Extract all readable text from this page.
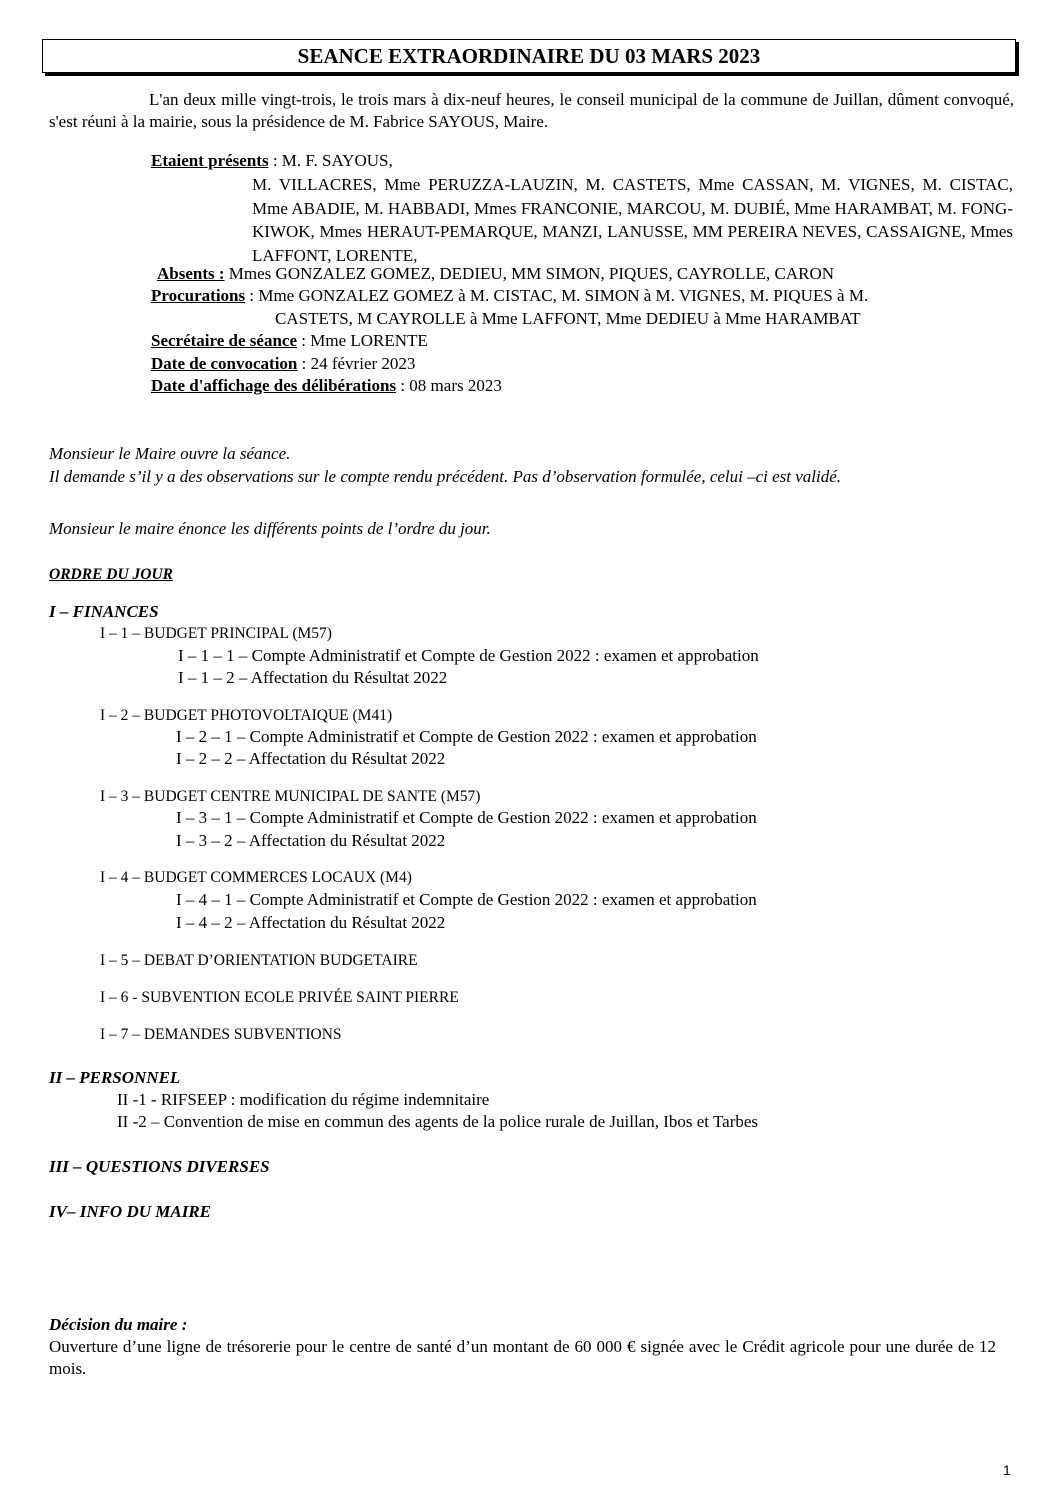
SEANCE EXTRAORDINAIRE DU 03 MARS 2023
L'an deux mille vingt-trois, le trois mars à dix-neuf heures, le conseil municipal de la commune de Juillan, dûment convoqué, s'est réuni à la mairie, sous la présidence de M. Fabrice SAYOUS, Maire.
Etaient présents : M. F. SAYOUS,
M. VILLACRES, Mme PERUZZA-LAUZIN, M. CASTETS, Mme CASSAN, M. VIGNES, M. CISTAC, Mme ABADIE, M. HABBADI, Mmes FRANCONIE, MARCOU, M. DUBIÉ, Mme HARAMBAT, M. FONG-KIWOK, Mmes HERAUT-PEMARQUE, MANZI, LANUSSE, MM PEREIRA NEVES, CASSAIGNE, Mmes LAFFONT, LORENTE,
Absents : Mmes GONZALEZ GOMEZ, DEDIEU, MM SIMON, PIQUES, CAYROLLE, CARON
Procurations : Mme GONZALEZ GOMEZ à M. CISTAC, M. SIMON à M. VIGNES, M. PIQUES à M.
CASTETS, M CAYROLLE à Mme LAFFONT, Mme DEDIEU à Mme HARAMBAT
Secrétaire de séance : Mme LORENTE
Date de convocation : 24 février 2023
Date d'affichage des délibérations : 08 mars 2023
Monsieur le Maire ouvre la séance.
Il demande s’il y a des observations sur le compte rendu précédent. Pas d’observation formulée, celui –ci est validé.
Monsieur le maire énonce les différents points de l’ordre du jour.
ORDRE DU JOUR
I – FINANCES
I – 1 – BUDGET PRINCIPAL (M57)
I – 1 – 1 – Compte Administratif et Compte de Gestion 2022 : examen et approbation
I – 1 – 2 – Affectation du Résultat 2022
I – 2 – BUDGET PHOTOVOLTAIQUE (M41)
I – 2 – 1 – Compte Administratif et Compte de Gestion 2022 : examen et approbation
I – 2 – 2 – Affectation du Résultat 2022
I – 3 – BUDGET CENTRE MUNICIPAL DE SANTE (M57)
I – 3 – 1 – Compte Administratif et Compte de Gestion 2022 : examen et approbation
I – 3 – 2 – Affectation du Résultat 2022
I – 4 – BUDGET COMMERCES LOCAUX (M4)
I – 4 – 1 – Compte Administratif et Compte de Gestion 2022 : examen et approbation
I – 4 – 2 – Affectation du Résultat 2022
I – 5 – DEBAT D’ORIENTATION BUDGETAIRE
I – 6 - SUBVENTION ECOLE PRIVÉE SAINT PIERRE
I – 7 – DEMANDES SUBVENTIONS
II – PERSONNEL
II -1 - RIFSEEP : modification du régime indemnitaire
II -2 – Convention de mise en commun des agents de la police rurale de Juillan, Ibos et Tarbes
III – QUESTIONS DIVERSES
IV– INFO DU MAIRE
Décision du maire :
Ouverture d’une ligne de trésorerie pour le centre de santé d’un montant de 60 000 € signée avec le Crédit agricole pour une durée de 12 mois.
1
